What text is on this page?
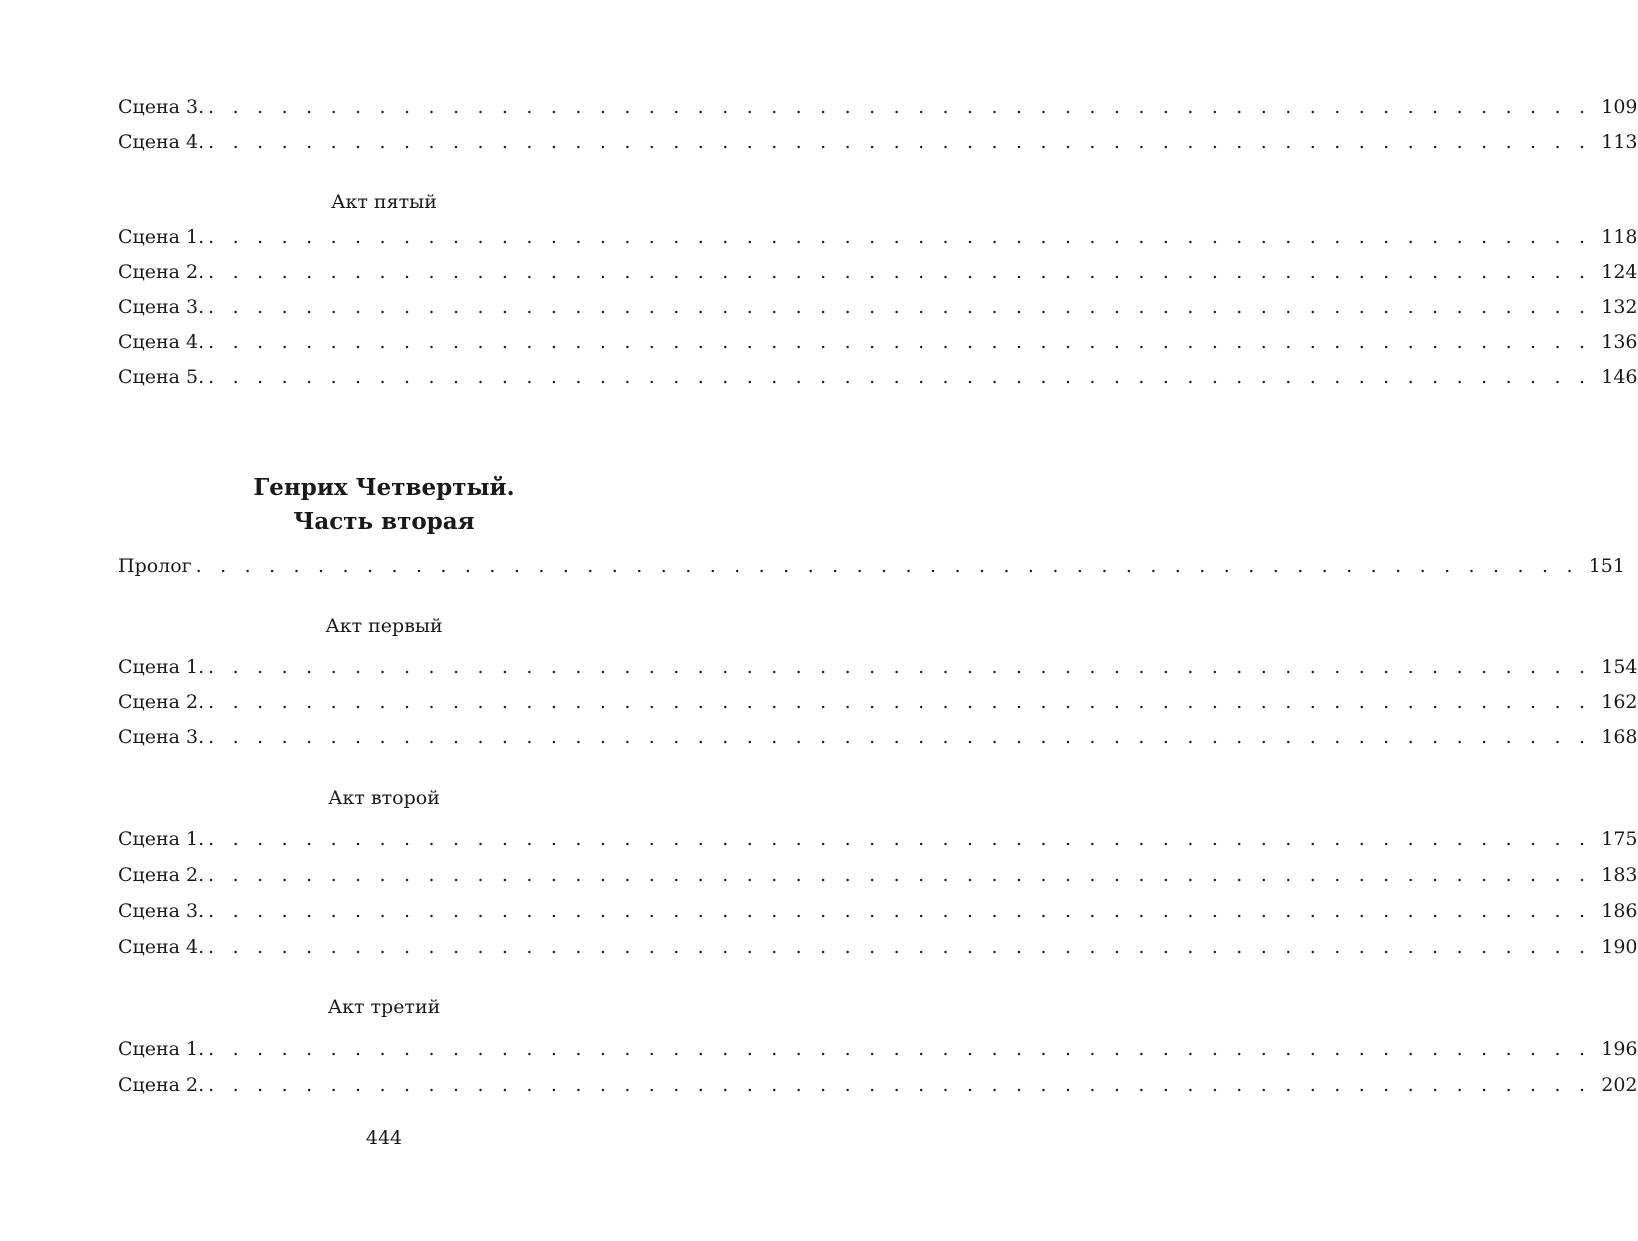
Сцена 3. . . . . . . . . . . . . . . . . . . . . . . . . . . . . . . . . . . . . . . . . . . . . . . . . . . . . . . . . . 109
Сцена 4. . . . . . . . . . . . . . . . . . . . . . . . . . . . . . . . . . . . . . . . . . . . . . . . . . . . . . . . . . 113
Акт пятый
Сцена 1. . . . . . . . . . . . . . . . . . . . . . . . . . . . . . . . . . . . . . . . . . . . . . . . . . . . . . . . . . 118
Сцена 2. . . . . . . . . . . . . . . . . . . . . . . . . . . . . . . . . . . . . . . . . . . . . . . . . . . . . . . . . . 124
Сцена 3. . . . . . . . . . . . . . . . . . . . . . . . . . . . . . . . . . . . . . . . . . . . . . . . . . . . . . . . . . 132
Сцена 4. . . . . . . . . . . . . . . . . . . . . . . . . . . . . . . . . . . . . . . . . . . . . . . . . . . . . . . . . . 136
Сцена 5. . . . . . . . . . . . . . . . . . . . . . . . . . . . . . . . . . . . . . . . . . . . . . . . . . . . . . . . . . 146
Генрих Четвертый.
Часть вторая
Пролог . . . . . . . . . . . . . . . . . . . . . . . . . . . . . . . . . . . . . . . . . . . . . . . . . . . . . . . . . 151
Акт первый
Сцена 1. . . . . . . . . . . . . . . . . . . . . . . . . . . . . . . . . . . . . . . . . . . . . . . . . . . . . . . . . . 154
Сцена 2. . . . . . . . . . . . . . . . . . . . . . . . . . . . . . . . . . . . . . . . . . . . . . . . . . . . . . . . . . 162
Сцена 3. . . . . . . . . . . . . . . . . . . . . . . . . . . . . . . . . . . . . . . . . . . . . . . . . . . . . . . . . . 168
Акт второй
Сцена 1. . . . . . . . . . . . . . . . . . . . . . . . . . . . . . . . . . . . . . . . . . . . . . . . . . . . . . . . . . 175
Сцена 2. . . . . . . . . . . . . . . . . . . . . . . . . . . . . . . . . . . . . . . . . . . . . . . . . . . . . . . . . . 183
Сцена 3. . . . . . . . . . . . . . . . . . . . . . . . . . . . . . . . . . . . . . . . . . . . . . . . . . . . . . . . . . 186
Сцена 4. . . . . . . . . . . . . . . . . . . . . . . . . . . . . . . . . . . . . . . . . . . . . . . . . . . . . . . . . . 190
Акт третий
Сцена 1. . . . . . . . . . . . . . . . . . . . . . . . . . . . . . . . . . . . . . . . . . . . . . . . . . . . . . . . . . 196
Сцена 2. . . . . . . . . . . . . . . . . . . . . . . . . . . . . . . . . . . . . . . . . . . . . . . . . . . . . . . . . . 202
444
